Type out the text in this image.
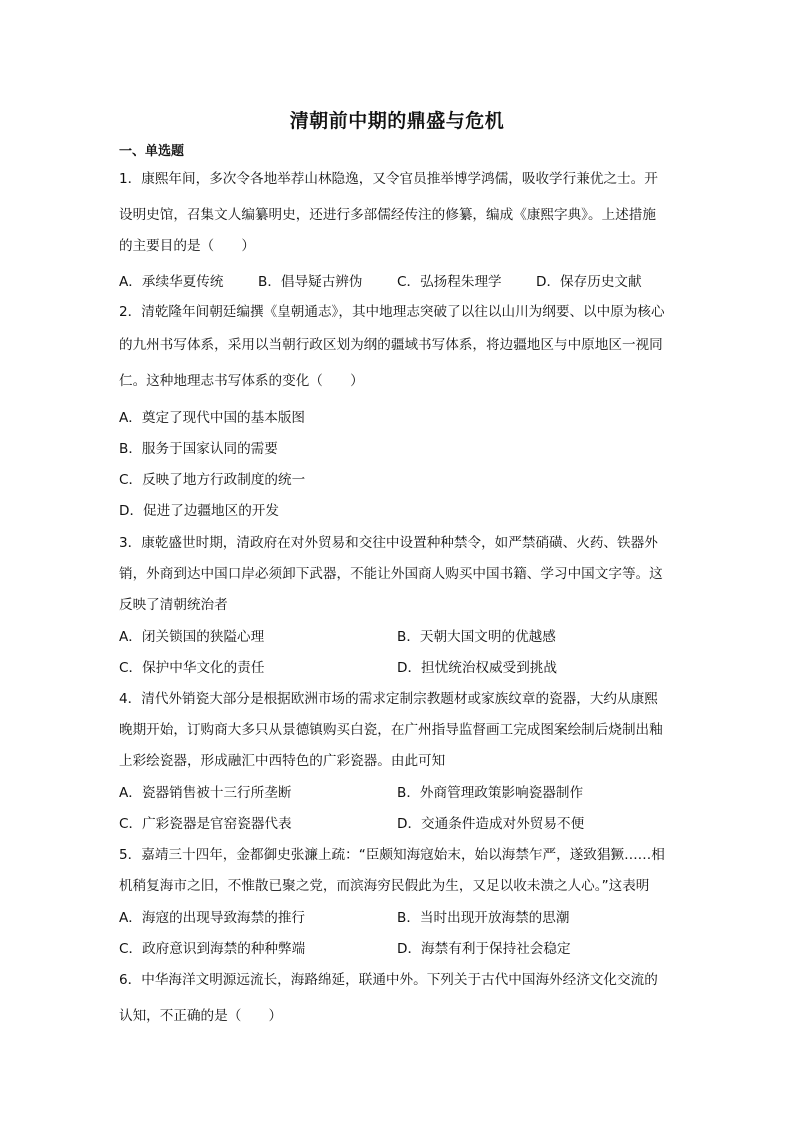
清朝前中期的鼎盛与危机
一、单选题
1．康熙年间，多次令各地举荐山林隐逸，又令官员推举博学鸿儒，吸收学行兼优之士。开
设明史馆，召集文人编纂明史，还进行多部儒经传注的修纂，编成《康熙字典》。上述措施
的主要目的是（　　）
A．承续华夏传统	B．倡导疑古辨伪	C．弘扬程朱理学	D．保存历史文献
2．清乾隆年间朝廷编撰《皇朝通志》，其中地理志突破了以往以山川为纲要、以中原为核心
的九州书写体系，采用以当朝行政区划为纲的疆域书写体系，将边疆地区与中原地区一视同
仁。这种地理志书写体系的变化（　　）
A．奠定了现代中国的基本版图
B．服务于国家认同的需要
C．反映了地方行政制度的统一
D．促进了边疆地区的开发
3．康乾盛世时期，清政府在对外贸易和交往中设置种种禁令，如严禁硝磺、火药、铁器外
销，外商到达中国口岸必须卸下武器，不能让外国商人购买中国书籍、学习中国文字等。这
反映了清朝统治者
A．闭关锁国的狭隘心理	B．天朝大国文明的优越感
C．保护中华文化的责任	D．担忧统治权威受到挑战
4．清代外销瓷大部分是根据欧洲市场的需求定制宗教题材或家族纹章的瓷器，大约从康熙
晚期开始，订购商大多只从景德镇购买白瓷，在广州指导监督画工完成图案绘制后烧制出釉
上彩绘瓷器，形成融汇中西特色的广彩瓷器。由此可知
A．瓷器销售被十三行所垄断	B．外商管理政策影响瓷器制作
C．广彩瓷器是官窑瓷器代表	D．交通条件造成对外贸易不便
5．嘉靖三十四年，金都御史张濂上疏：“臣颇知海寇始末，始以海禁乍严，遂致猖獗……相
机稍复海市之旧，不惟散已聚之党，而滨海穷民假此为生，又足以收未溃之人心。”这表明
A．海寇的出现导致海禁的推行	B．当时出现开放海禁的思潮
C．政府意识到海禁的种种弊端	D．海禁有利于保持社会稳定
6．中华海洋文明源远流长，海路绵延，联通中外。下列关于古代中国海外经济文化交流的
认知，不正确的是（　　）
